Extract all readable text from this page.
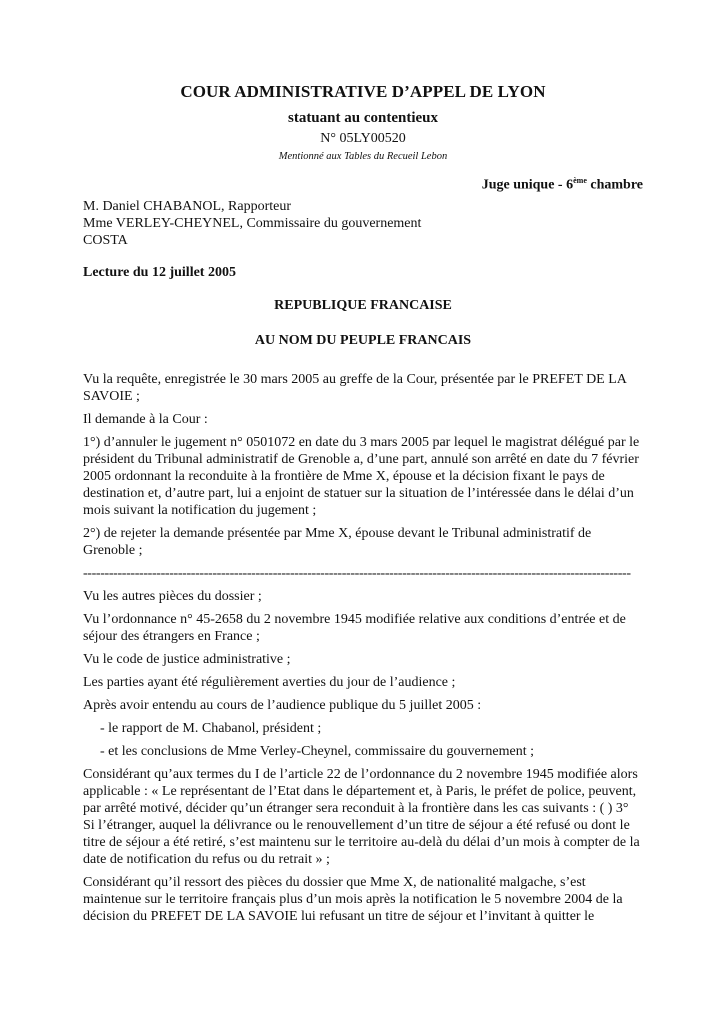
COUR ADMINISTRATIVE D’APPEL DE LYON
statuant au contentieux
N° 05LY00520
Mentionné aux Tables du Recueil Lebon
Juge unique - 6ème chambre
M. Daniel CHABANOL, Rapporteur
Mme VERLEY-CHEYNEL, Commissaire du gouvernement
COSTA
Lecture du 12 juillet 2005
REPUBLIQUE FRANCAISE
AU NOM DU PEUPLE FRANCAIS

Vu la requête, enregistrée le 30 mars 2005 au greffe de la Cour, présentée par le PREFET DE LA SAVOIE ;

Il demande à la Cour :

1°) d’annuler le jugement n° 0501072 en date du 3 mars 2005 par lequel le magistrat délégué par le président du Tribunal administratif de Grenoble a, d’une part, annulé son arrêté en date du 7 février 2005 ordonnant la reconduite à la frontière de Mme X, épouse et la décision fixant le pays de destination et, d’autre part, lui a enjoint de statuer sur la situation de l’intéressée dans le délai d’un mois suivant la notification du jugement ;

2°) de rejeter la demande présentée par Mme X, épouse devant le Tribunal administratif de Grenoble ;

-------------------------------------------------------------------------------------------------------------------------------

Vu les autres pièces du dossier ;

Vu l’ordonnance n° 45-2658 du 2 novembre 1945 modifiée relative aux conditions d’entrée et de séjour des étrangers en France ;

Vu le code de justice administrative ;

Les parties ayant été régulièrement averties du jour de l’audience ;

Après avoir entendu au cours de l’audience publique du 5 juillet 2005 :

- le rapport de M. Chabanol, président ;

- et les conclusions de Mme Verley-Cheynel, commissaire du gouvernement ;

Considérant qu’aux termes du I de l’article 22 de l’ordonnance du 2 novembre 1945 modifiée alors applicable : « Le représentant de l’Etat dans le département et, à Paris, le préfet de police, peuvent, par arrêté motivé, décider qu’un étranger sera reconduit à la frontière dans les cas suivants : ( ) 3° Si l’étranger, auquel la délivrance ou le renouvellement d’un titre de séjour a été refusé ou dont le titre de séjour a été retiré, s’est maintenu sur le territoire au-delà du délai d’un mois à compter de la date de notification du refus ou du retrait » ;

Considérant qu’il ressort des pièces du dossier que Mme X, de nationalité malgache, s’est maintenue sur le territoire français plus d’un mois après la notification le 5 novembre 2004 de la décision du PREFET DE LA SAVOIE lui refusant un titre de séjour et l’invitant à quitter le
